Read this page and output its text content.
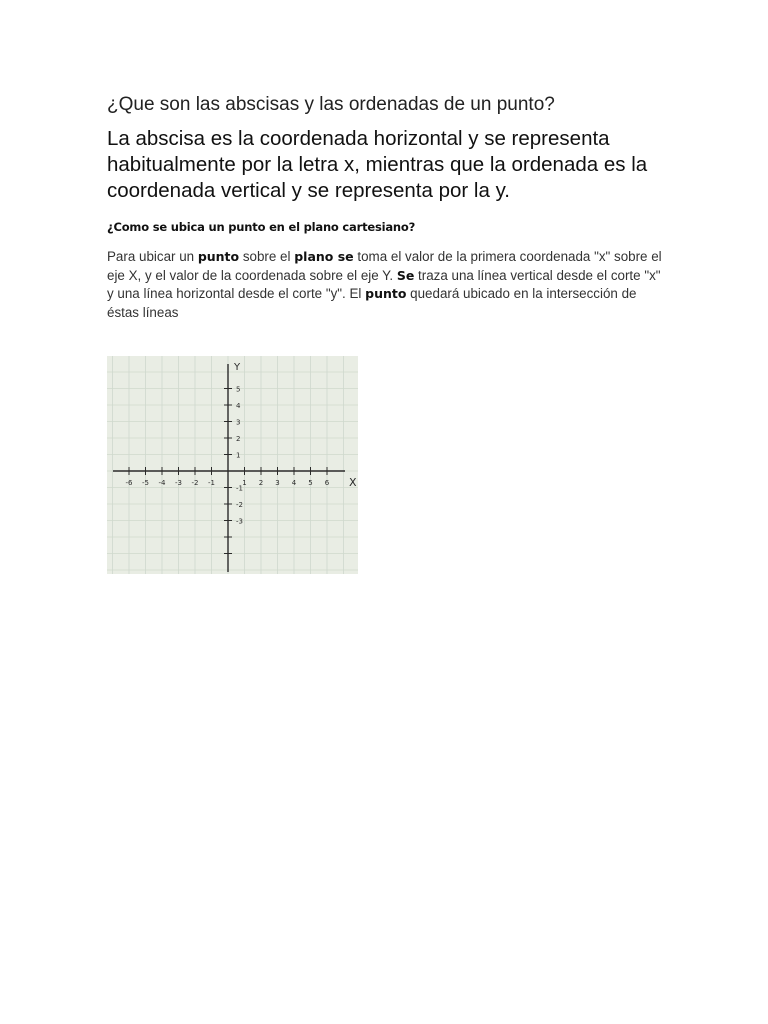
¿Que son las abscisas y las ordenadas de un punto?
La abscisa es la coordenada horizontal y se representa habitualmente por la letra x, mientras que la ordenada es la coordenada vertical y se representa por la y.
¿Como se ubica un punto en el plano cartesiano?
Para ubicar un punto sobre el plano se toma el valor de la primera coordenada "x" sobre el eje X, y el valor de la coordenada sobre el eje Y. Se traza una línea vertical desde el corte "x" y una línea horizontal desde el corte "y". El punto quedará ubicado en la intersección de éstas líneas
-6 -5 -4 -3 -2 -1	1 2 3 4 5 6
5
4
3
2
1
-1
-2
-3
X
Y
